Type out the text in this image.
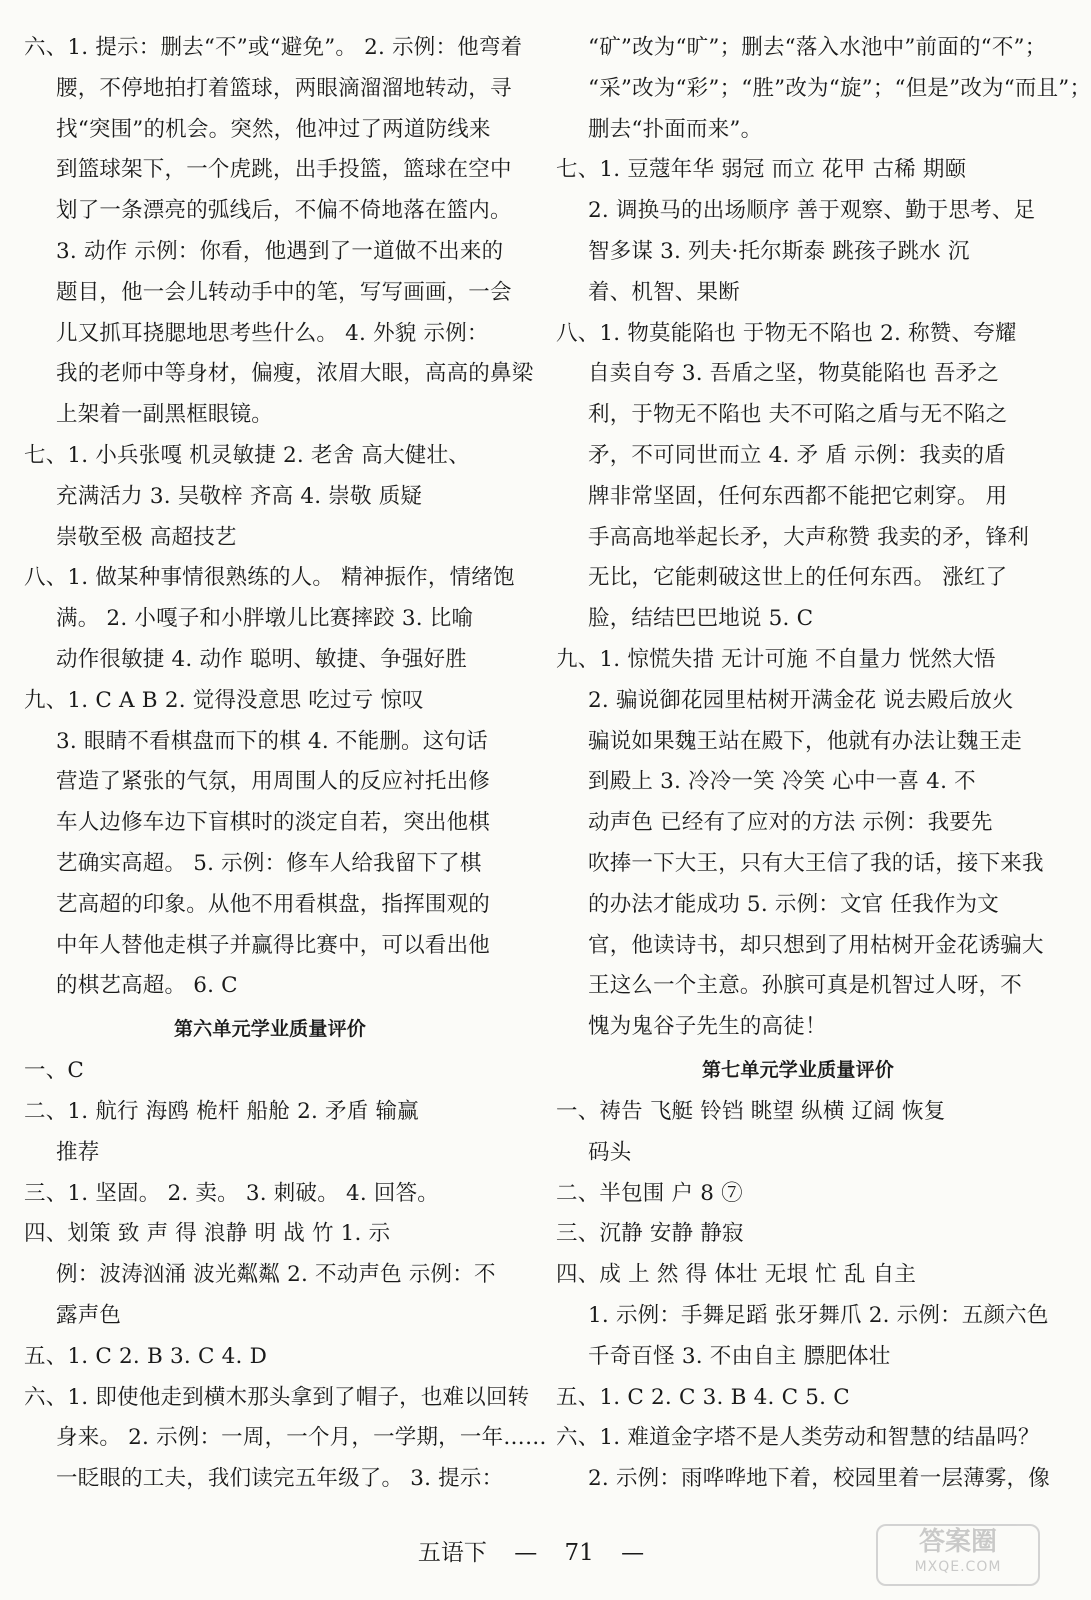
六、1. 提示：删去“不”或“避免”。 2. 示例：他弯着
腰，不停地拍打着篮球，两眼滴溜溜地转动，寻
找“突围”的机会。突然，他冲过了两道防线来
到篮球架下，一个虎跳，出手投篮，篮球在空中
划了一条漂亮的弧线后，不偏不倚地落在篮内。
3. 动作 示例：你看，他遇到了一道做不出来的
题目，他一会儿转动手中的笔，写写画画，一会
儿又抓耳挠腮地思考些什么。 4. 外貌 示例：
我的老师中等身材，偏瘦，浓眉大眼，高高的鼻梁
上架着一副黑框眼镜。
七、1. 小兵张嘎 机灵敏捷 2. 老舍 高大健壮、
充满活力 3. 吴敬梓 齐高 4. 崇敬 质疑
崇敬至极 高超技艺
八、1. 做某种事情很熟练的人。 精神振作，情绪饱
满。 2. 小嘎子和小胖墩儿比赛摔跤 3. 比喻
动作很敏捷 4. 动作 聪明、敏捷、争强好胜
九、1. C A B 2. 觉得没意思 吃过亏 惊叹
3. 眼睛不看棋盘而下的棋 4. 不能删。这句话
营造了紧张的气氛，用周围人的反应衬托出修
车人边修车边下盲棋时的淡定自若，突出他棋
艺确实高超。 5. 示例：修车人给我留下了棋
艺高超的印象。从他不用看棋盘，指挥围观的
中年人替他走棋子并赢得比赛中，可以看出他
的棋艺高超。 6. C
第六单元学业质量评价
一、C
二、1. 航行 海鸥 桅杆 船舱 2. 矛盾 输赢
推荐
三、1. 坚固。 2. 卖。 3. 刺破。 4. 回答。
四、划策 致 声 得 浪静 明 战 竹 1. 示
例：波涛汹涌 波光粼粼 2. 不动声色 示例：不
露声色
五、1. C 2. B 3. C 4. D
六、1. 即使他走到横木那头拿到了帽子，也难以回转
身来。 2. 示例：一周，一个月，一学期，一年……
一眨眼的工夫，我们读完五年级了。 3. 提示：
“矿”改为“旷”；删去“落入水池中”前面的“不”；
“采”改为“彩”；“胜”改为“旋”；“但是”改为“而且”；
删去“扑面而来”。
七、1. 豆蔻年华 弱冠 而立 花甲 古稀 期颐
2. 调换马的出场顺序 善于观察、勤于思考、足
智多谋 3. 列夫·托尔斯泰 跳孩子跳水 沉
着、机智、果断
八、1. 物莫能陷也 于物无不陷也 2. 称赞、夸耀
自卖自夸 3. 吾盾之坚，物莫能陷也 吾矛之
利，于物无不陷也 夫不可陷之盾与无不陷之
矛，不可同世而立 4. 矛 盾 示例：我卖的盾
牌非常坚固，任何东西都不能把它刺穿。 用
手高高地举起长矛，大声称赞 我卖的矛，锋利
无比，它能刺破这世上的任何东西。 涨红了
脸，结结巴巴地说 5. C
九、1. 惊慌失措 无计可施 不自量力 恍然大悟
2. 骗说御花园里枯树开满金花 说去殿后放火
骗说如果魏王站在殿下，他就有办法让魏王走
到殿上 3. 冷冷一笑 冷笑 心中一喜 4. 不
动声色 已经有了应对的方法 示例：我要先
吹捧一下大王，只有大王信了我的话，接下来我
的办法才能成功 5. 示例：文官 任我作为文
官，他读诗书，却只想到了用枯树开金花诱骗大
王这么一个主意。孙膑可真是机智过人呀，不
愧为鬼谷子先生的高徒！
第七单元学业质量评价
一、祷告 飞艇 铃铛 眺望 纵横 辽阔 恢复
码头
二、半包围 户 8 ⑦
三、沉静 安静 静寂
四、成 上 然 得 体壮 无垠 忙 乱 自主
1. 示例：手舞足蹈 张牙舞爪 2. 示例：五颜六色
千奇百怪 3. 不由自主 膘肥体壮
五、1. C 2. C 3. B 4. C 5. C
六、1. 难道金字塔不是人类劳动和智慧的结晶吗？
2. 示例：雨哗哗地下着，校园里着一层薄雾，像
五语下 — 71 —	答案圈
MXQE.COM
